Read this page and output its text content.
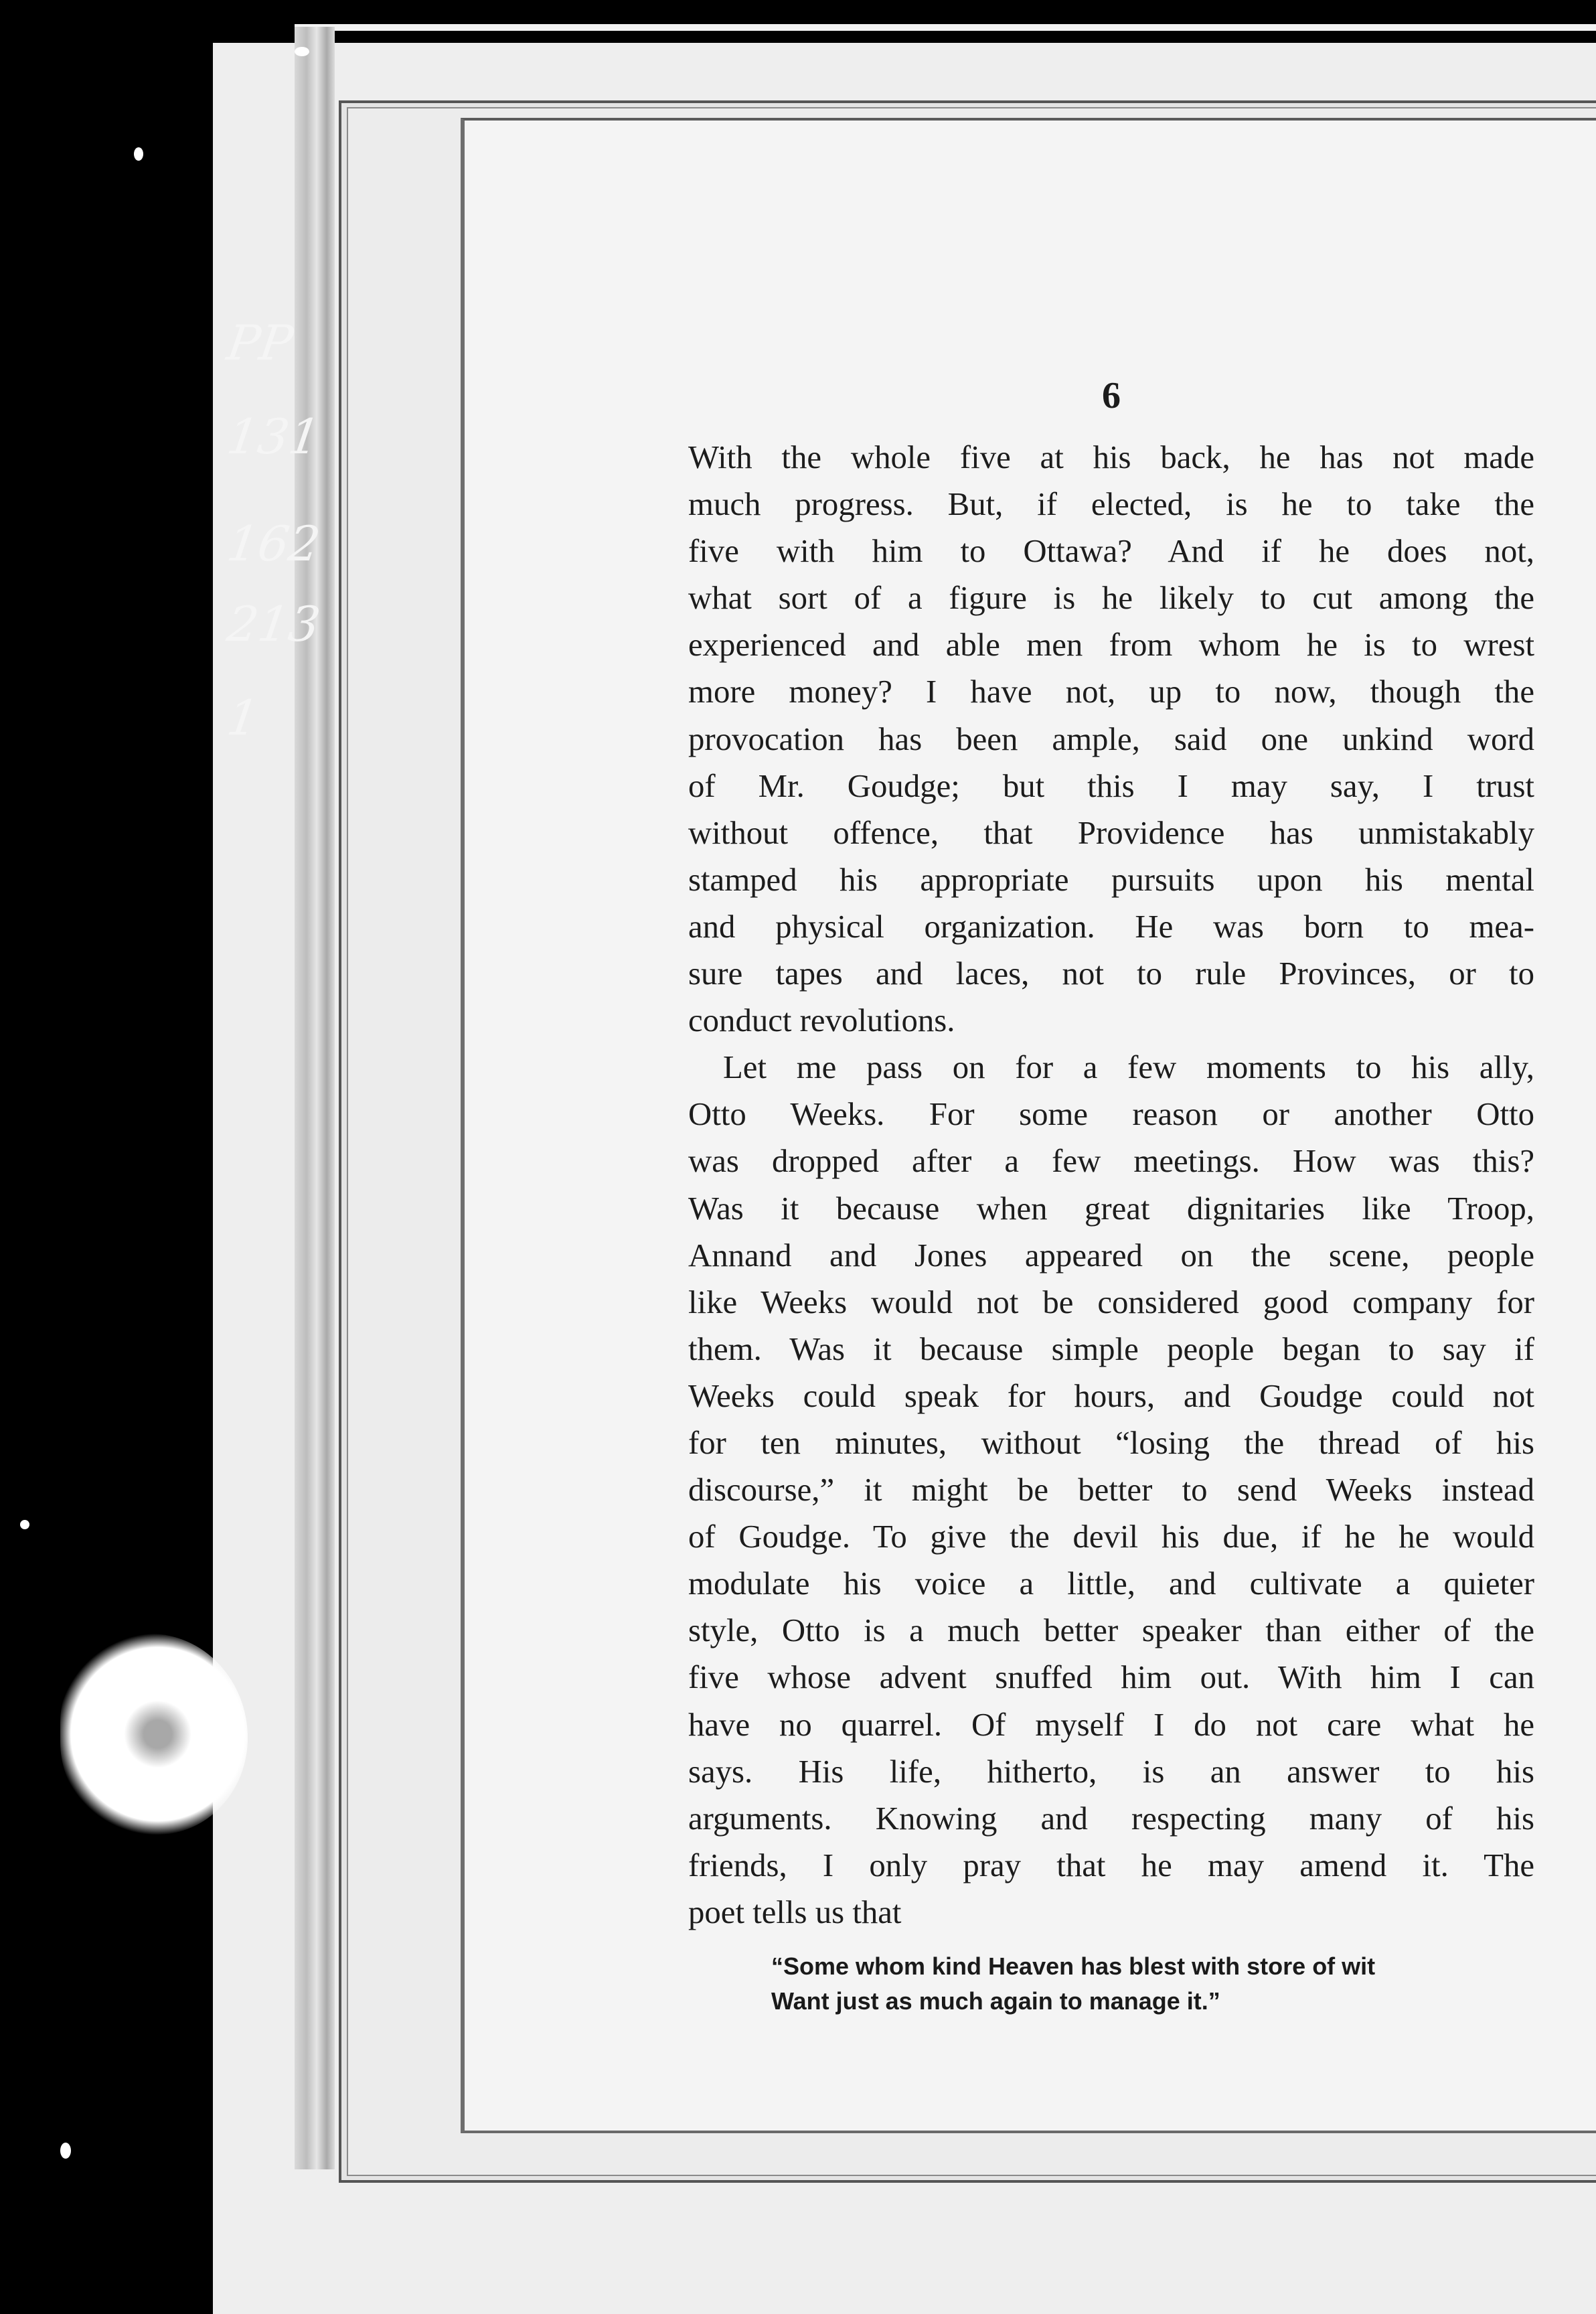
PP
131
162
213
1
6
With the whole five at his back, he has not made
much progress. But, if elected, is he to take the
five with him to Ottawa? And if he does not,
what sort of a figure is he likely to cut among the
experienced and able men from whom he is to wrest
more money? I have not, up to now, though the
provocation has been ample, said one unkind word
of Mr. Goudge; but this I may say, I trust
without offence, that Providence has unmistakably
stamped his appropriate pursuits upon his mental
and physical organization. He was born to mea-
sure tapes and laces, not to rule Provinces, or to
conduct revolutions.
Let me pass on for a few moments to his ally,
Otto Weeks. For some reason or another Otto
was dropped after a few meetings. How was this?
Was it because when great dignitaries like Troop,
Annand and Jones appeared on the scene, people
like Weeks would not be considered good company for
them. Was it because simple people began to say if
Weeks could speak for hours, and Goudge could not
for ten minutes, without “losing the thread of his
discourse,” it might be better to send Weeks instead
of Goudge. To give the devil his due, if he he would
modulate his voice a little, and cultivate a quieter
style, Otto is a much better speaker than either of the
five whose advent snuffed him out. With him I can
have no quarrel. Of myself I do not care what he
says. His life, hitherto, is an answer to his
arguments. Knowing and respecting many of his
friends, I only pray that he may amend it. The
poet tells us that
“Some whom kind Heaven has blest with store of wit
Want just as much again to manage it.”
